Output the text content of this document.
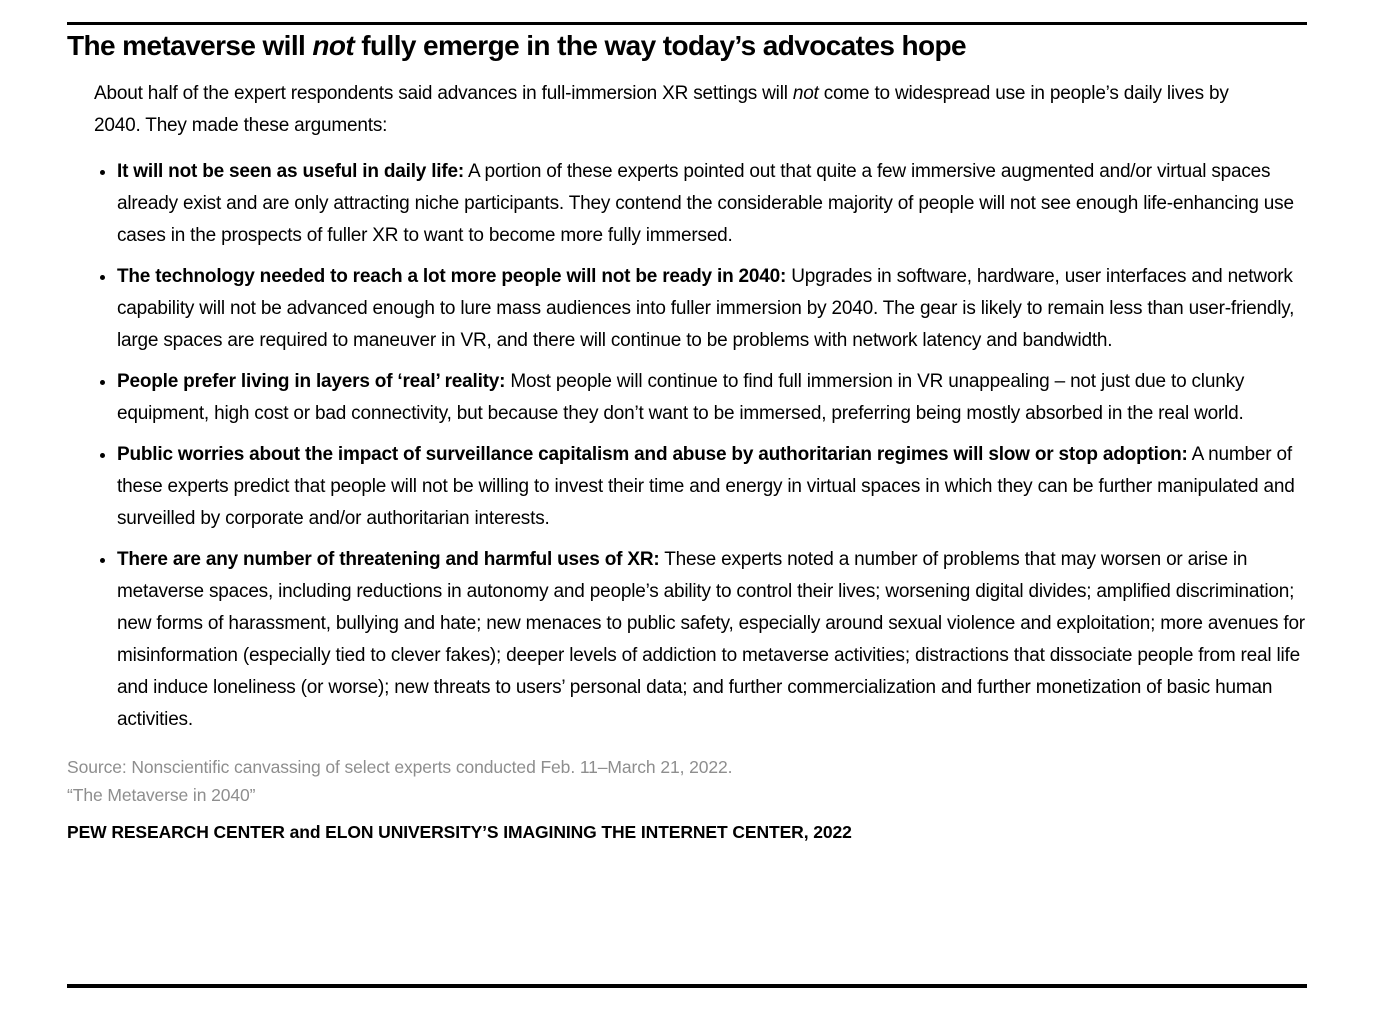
The metaverse will not fully emerge in the way today’s advocates hope

About half of the expert respondents said advances in full-immersion XR settings will not come to widespread use in people’s daily lives by 2040. They made these arguments:

• It will not be seen as useful in daily life: A portion of these experts pointed out that quite a few immersive augmented and/or virtual spaces already exist and are only attracting niche participants. They contend the considerable majority of people will not see enough life-enhancing use cases in the prospects of fuller XR to want to become more fully immersed.
• The technology needed to reach a lot more people will not be ready in 2040: Upgrades in software, hardware, user interfaces and network capability will not be advanced enough to lure mass audiences into fuller immersion by 2040. The gear is likely to remain less than user-friendly, large spaces are required to maneuver in VR, and there will continue to be problems with network latency and bandwidth.
• People prefer living in layers of ‘real’ reality: Most people will continue to find full immersion in VR unappealing – not just due to clunky equipment, high cost or bad connectivity, but because they don’t want to be immersed, preferring being mostly absorbed in the real world.
• Public worries about the impact of surveillance capitalism and abuse by authoritarian regimes will slow or stop adoption: A number of these experts predict that people will not be willing to invest their time and energy in virtual spaces in which they can be further manipulated and surveilled by corporate and/or authoritarian interests.
• There are any number of threatening and harmful uses of XR: These experts noted a number of problems that may worsen or arise in metaverse spaces, including reductions in autonomy and people’s ability to control their lives; worsening digital divides; amplified discrimination; new forms of harassment, bullying and hate; new menaces to public safety, especially around sexual violence and exploitation; more avenues for misinformation (especially tied to clever fakes); deeper levels of addiction to metaverse activities; distractions that dissociate people from real life and induce loneliness (or worse); new threats to users’ personal data; and further commercialization and further monetization of basic human activities.

Source: Nonscientific canvassing of select experts conducted Feb. 11–March 21, 2022.
“The Metaverse in 2040”

PEW RESEARCH CENTER and ELON UNIVERSITY’S IMAGINING THE INTERNET CENTER, 2022
